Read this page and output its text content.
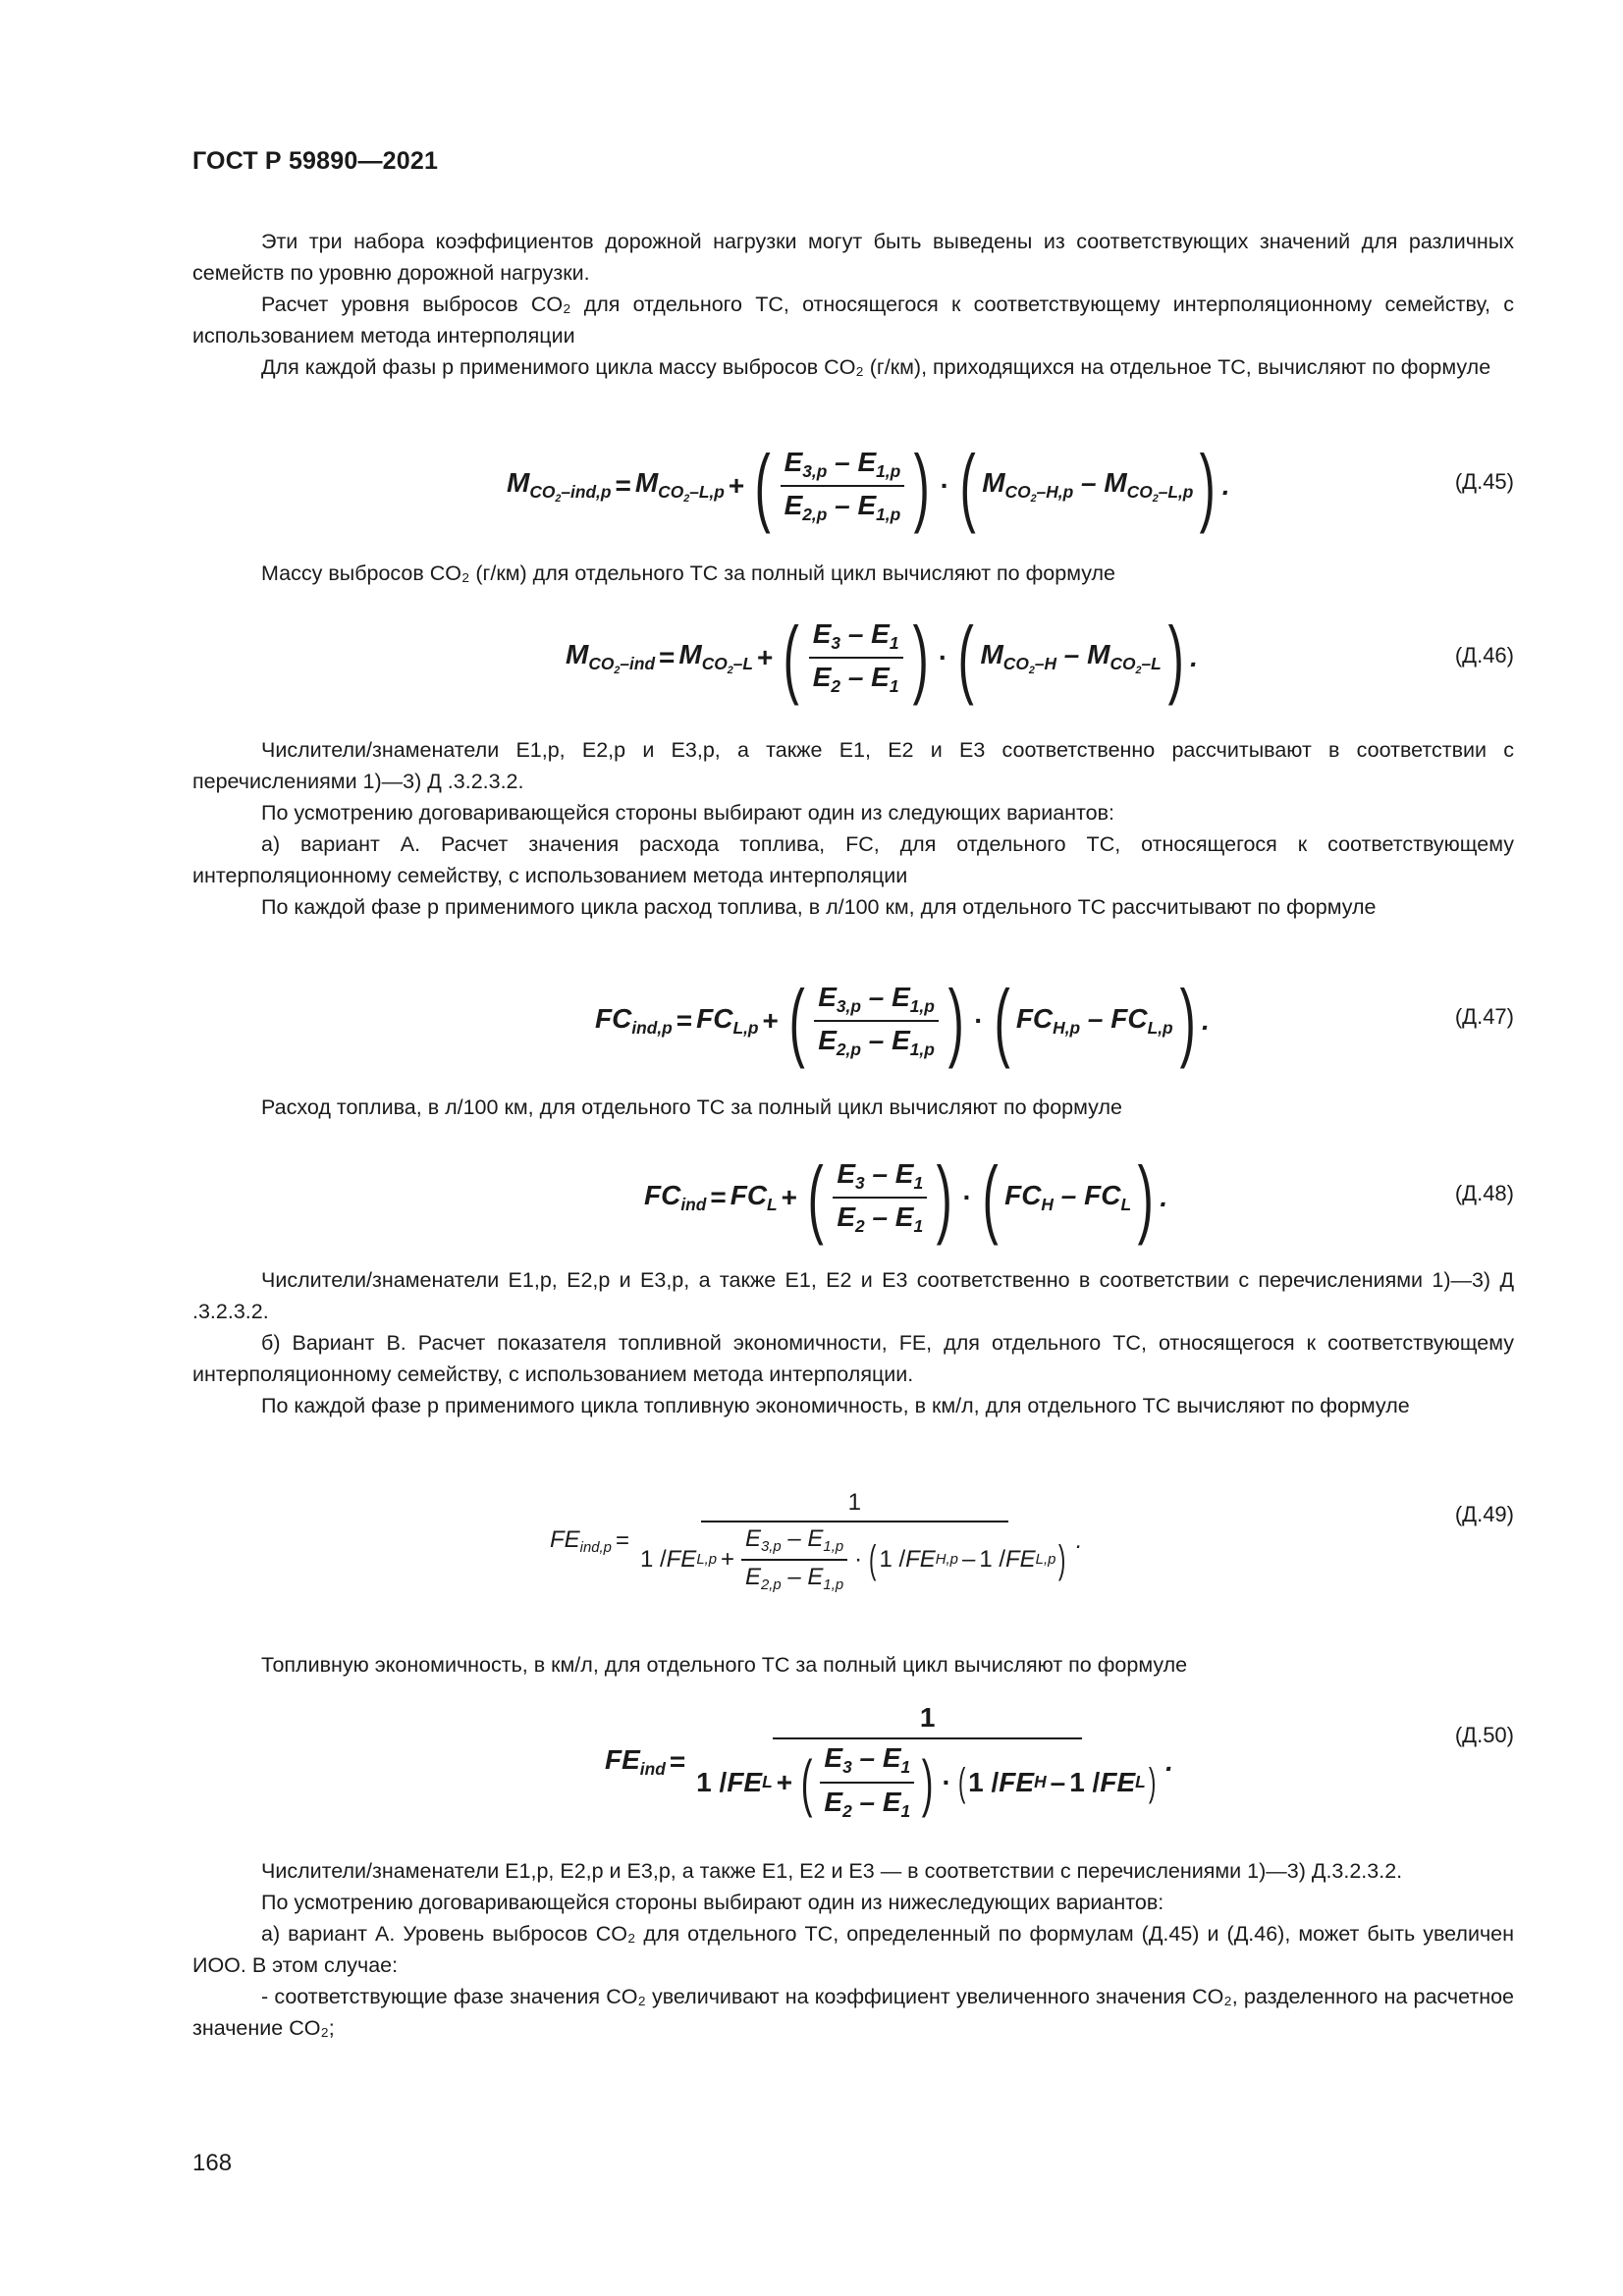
ГОСТ Р 59890—2021

Эти три набора коэффициентов дорожной нагрузки могут быть выведены из соответствующих значений для различных семейств по уровню дорожной нагрузки.

Расчет уровня выбросов CO₂ для отдельного ТС, относящегося к соответствующему интерполяционному семейству, с использованием метода интерполяции

Для каждой фазы p применимого цикла массу выбросов CO₂ (г/км), приходящихся на отдельное ТС, вычисляют по формуле

$M_{CO_2-ind,p} = M_{CO_2-L,p}$ + ( $\frac{E_{3,p} - E_{1,p}}{E_{2,p} - E_{1,p}}$ ) · ( $M_{CO_2-H,p} - M_{CO_2-L,p}$ ) .	(Д.45)

Массу выбросов CO₂ (г/км) для отдельного ТС за полный цикл вычисляют по формуле

$M_{CO_2-ind} = M_{CO_2-L}$ + ( $\frac{E_3 - E_1}{E_2 - E_1}$ ) · ( $M_{CO_2-H} - M_{CO_2-L}$ ) .	(Д.46)

Числители/знаменатели E1,p, E2,p и E3,p, а также E1, E2 и E3 соответственно рассчитывают в соответствии с перечислениями 1)—3) Д .3.2.3.2.

По усмотрению договаривающейся стороны выбирают один из следующих вариантов:

а) вариант А. Расчет значения расхода топлива, FC, для отдельного ТС, относящегося к соответствующему интерполяционному семейству, с использованием метода интерполяции

По каждой фазе p применимого цикла расход топлива, в л/100 км, для отдельного ТС рассчитывают по формуле

$FC_{ind,p} = FC_{L,p}$ + ( $\frac{E_{3,p} - E_{1,p}}{E_{2,p} - E_{1,p}}$ ) · ( $FC_{H,p} - FC_{L,p}$ ) .	(Д.47)

Расход топлива, в л/100 км, для отдельного ТС за полный цикл вычисляют по формуле

$FC_{ind} = FC_L$ + ( $\frac{E_3 - E_1}{E_2 - E_1}$ ) · ( $FC_H - FC_L$ ) .	(Д.48)

Числители/знаменатели E1,p, E2,p и E3,p, а также E1, E2 и E3 соответственно в соответствии с перечислениями 1)—3) Д .3.2.3.2.

б) Вариант B. Расчет показателя топливной экономичности, FE, для отдельного ТС, относящегося к соответствующему интерполяционному семейству, с использованием метода интерполяции.

По каждой фазе p применимого цикла топливную экономичность, в км/л, для отдельного ТС вычисляют по формуле

$FE_{ind,p}$ =
1
1 / FE $L,p + \frac{E_{3,p} - E_{1,p}}{E_{2,p} - E_{1,p}}$ · ( 1 / FE H,p – 1 / FE L,p ) .
(Д.49)

Топливную экономичность, в км/л, для отдельного ТС за полный цикл вычисляют по формуле

$FE_{ind}$ =
1
1 / FE L + ( $\frac{E_3 - E_1}{E_2 - E_1}$ ) · ( 1 / FE H – 1 / FE L ) .
(Д.50)

Числители/знаменатели E1,p, E2,p и E3,p, а также E1, E2 и E3 — в соответствии с перечислениями 1)—3) Д.3.2.3.2.

По усмотрению договаривающейся стороны выбирают один из нижеследующих вариантов:

а) вариант А. Уровень выбросов CO₂ для отдельного ТС, определенный по формулам (Д.45) и (Д.46), может быть увеличен ИОО. В этом случае:

- соответствующие фазе значения CO₂ увеличивают на коэффициент увеличенного значения CO₂, разделенного на расчетное значение CO₂;

168
